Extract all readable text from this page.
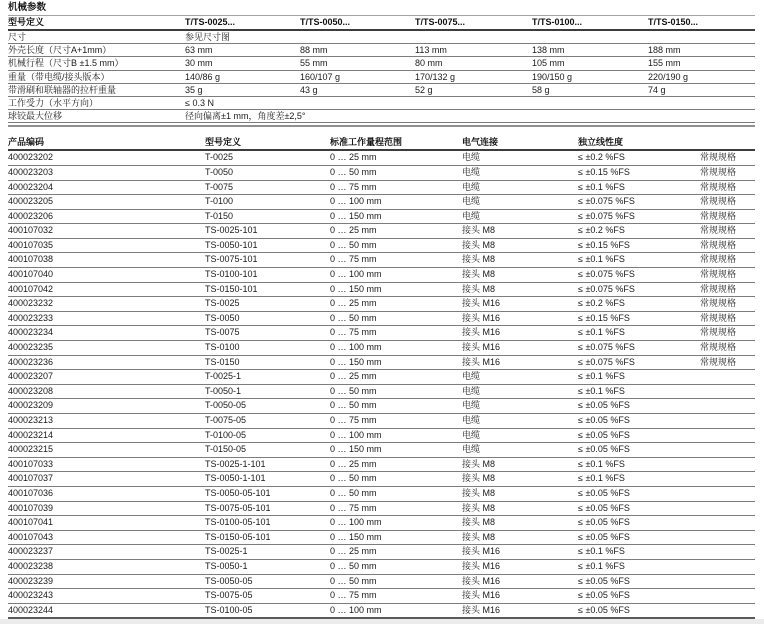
机械参数
型号定义	T/TS-0025...	T/TS-0050...	T/TS-0075...	T/TS-0100...	T/TS-0150...
尺寸	参见尺寸图
外壳长度（尺寸A+1mm）	63 mm	88 mm	113 mm	138 mm	188 mm
机械行程（尺寸B ±1.5 mm）	30 mm	55 mm	80 mm	105 mm	155 mm
重量（带电缆/接头版本）	140/86 g	160/107 g	170/132 g	190/150 g	220/190 g
带滑刷和联轴器的拉杆重量	35 g	43 g	52 g	58 g	74 g
工作受力（水平方向）	≤ 0.3 N
球铰最大位移	径向偏离±1 mm，角度差±2,5°
产品编码	型号定义	标准工作量程范围	电气连接	独立线性度
400023202	T-0025	0 … 25 mm	电缆	≤ ±0.2 %FS	常规规格
400023203	T-0050	0 … 50 mm	电缆	≤ ±0.15 %FS	常规规格
400023204	T-0075	0 … 75 mm	电缆	≤ ±0.1 %FS	常规规格
400023205	T-0100	0 … 100 mm	电缆	≤ ±0.075 %FS	常规规格
400023206	T-0150	0 … 150 mm	电缆	≤ ±0.075 %FS	常规规格
400107032	TS-0025-101	0 … 25 mm	接头 M8	≤ ±0.2 %FS	常规规格
400107035	TS-0050-101	0 … 50 mm	接头 M8	≤ ±0.15 %FS	常规规格
400107038	TS-0075-101	0 … 75 mm	接头 M8	≤ ±0.1 %FS	常规规格
400107040	TS-0100-101	0 … 100 mm	接头 M8	≤ ±0.075 %FS	常规规格
400107042	TS-0150-101	0 … 150 mm	接头 M8	≤ ±0.075 %FS	常规规格
400023232	TS-0025	0 … 25 mm	接头 M16	≤ ±0.2 %FS	常规规格
400023233	TS-0050	0 … 50 mm	接头 M16	≤ ±0.15 %FS	常规规格
400023234	TS-0075	0 … 75 mm	接头 M16	≤ ±0.1 %FS	常规规格
400023235	TS-0100	0 … 100 mm	接头 M16	≤ ±0.075 %FS	常规规格
400023236	TS-0150	0 … 150 mm	接头 M16	≤ ±0.075 %FS	常规规格
400023207	T-0025-1	0 … 25 mm	电缆	≤ ±0.1 %FS
400023208	T-0050-1	0 … 50 mm	电缆	≤ ±0.1 %FS
400023209	T-0050-05	0 … 50 mm	电缆	≤ ±0.05 %FS
400023213	T-0075-05	0 … 75 mm	电缆	≤ ±0.05 %FS
400023214	T-0100-05	0 … 100 mm	电缆	≤ ±0.05 %FS
400023215	T-0150-05	0 … 150 mm	电缆	≤ ±0.05 %FS
400107033	TS-0025-1-101	0 … 25 mm	接头 M8	≤ ±0.1 %FS
400107037	TS-0050-1-101	0 … 50 mm	接头 M8	≤ ±0.1 %FS
400107036	TS-0050-05-101	0 … 50 mm	接头 M8	≤ ±0.05 %FS
400107039	TS-0075-05-101	0 … 75 mm	接头 M8	≤ ±0.05 %FS
400107041	TS-0100-05-101	0 … 100 mm	接头 M8	≤ ±0.05 %FS
400107043	TS-0150-05-101	0 … 150 mm	接头 M8	≤ ±0.05 %FS
400023237	TS-0025-1	0 … 25 mm	接头 M16	≤ ±0.1 %FS
400023238	TS-0050-1	0 … 50 mm	接头 M16	≤ ±0.1 %FS
400023239	TS-0050-05	0 … 50 mm	接头 M16	≤ ±0.05 %FS
400023243	TS-0075-05	0 … 75 mm	接头 M16	≤ ±0.05 %FS
400023244	TS-0100-05	0 … 100 mm	接头 M16	≤ ±0.05 %FS
